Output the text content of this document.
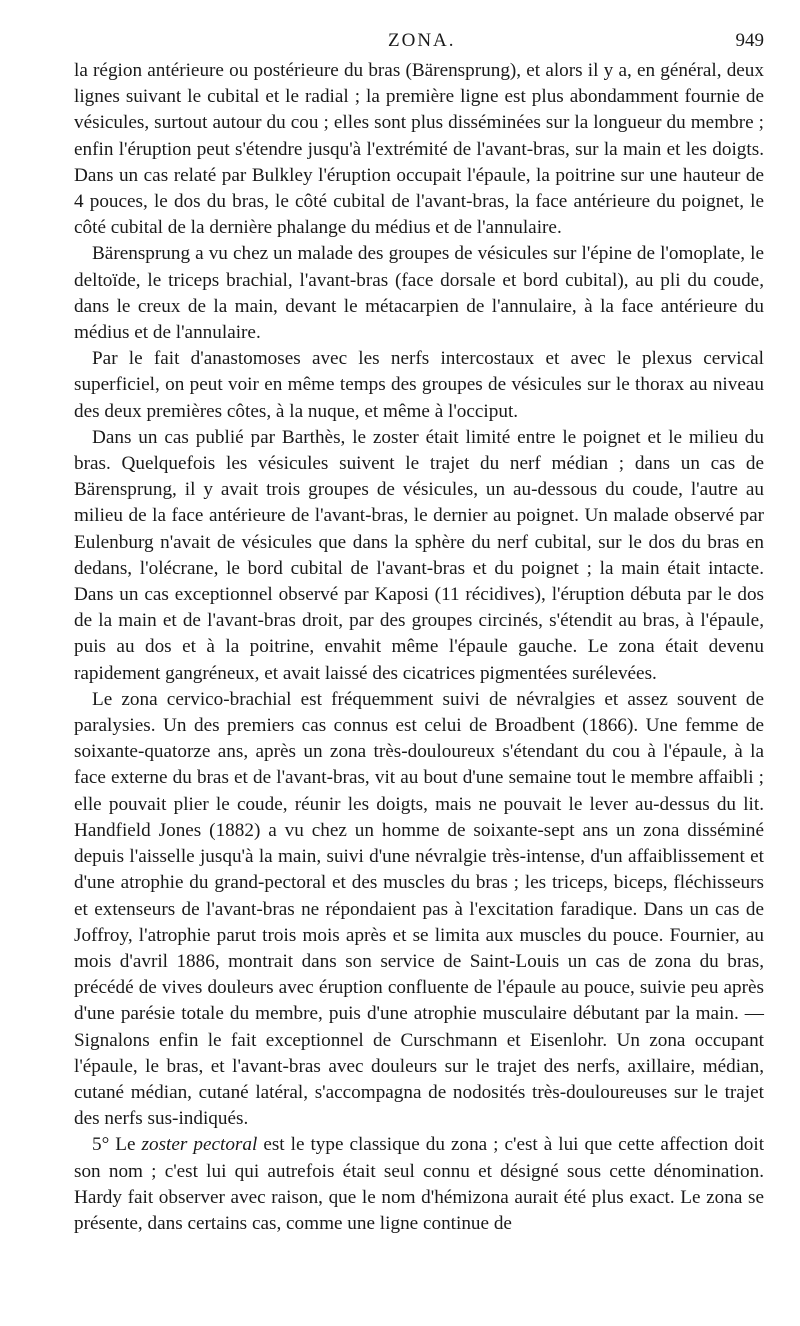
ZONA.	949

la région antérieure ou postérieure du bras (Bärensprung), et alors il y a, en général, deux lignes suivant le cubital et le radial ; la première ligne est plus abondamment fournie de vésicules, surtout autour du cou ; elles sont plus disséminées sur la longueur du membre ; enfin l'éruption peut s'étendre jusqu'à l'extrémité de l'avant-bras, sur la main et les doigts. Dans un cas relaté par Bulkley l'éruption occupait l'épaule, la poitrine sur une hauteur de 4 pouces, le dos du bras, le côté cubital de l'avant-bras, la face antérieure du poignet, le côté cubital de la dernière phalange du médius et de l'annulaire.

Bärensprung a vu chez un malade des groupes de vésicules sur l'épine de l'omoplate, le deltoïde, le triceps brachial, l'avant-bras (face dorsale et bord cubital), au pli du coude, dans le creux de la main, devant le métacarpien de l'annulaire, à la face antérieure du médius et de l'annulaire.

Par le fait d'anastomoses avec les nerfs intercostaux et avec le plexus cervical superficiel, on peut voir en même temps des groupes de vésicules sur le thorax au niveau des deux premières côtes, à la nuque, et même à l'occiput.

Dans un cas publié par Barthès, le zoster était limité entre le poignet et le milieu du bras. Quelquefois les vésicules suivent le trajet du nerf médian ; dans un cas de Bärensprung, il y avait trois groupes de vésicules, un au-dessous du coude, l'autre au milieu de la face antérieure de l'avant-bras, le dernier au poignet. Un malade observé par Eulenburg n'avait de vésicules que dans la sphère du nerf cubital, sur le dos du bras en dedans, l'olécrane, le bord cubital de l'avant-bras et du poignet ; la main était intacte. Dans un cas exceptionnel observé par Kaposi (11 récidives), l'éruption débuta par le dos de la main et de l'avant-bras droit, par des groupes circinés, s'étendit au bras, à l'épaule, puis au dos et à la poitrine, envahit même l'épaule gauche. Le zona était devenu rapidement gangréneux, et avait laissé des cicatrices pigmentées surélevées.

Le zona cervico-brachial est fréquemment suivi de névralgies et assez souvent de paralysies. Un des premiers cas connus est celui de Broadbent (1866). Une femme de soixante-quatorze ans, après un zona très-douloureux s'étendant du cou à l'épaule, à la face externe du bras et de l'avant-bras, vit au bout d'une semaine tout le membre affaibli ; elle pouvait plier le coude, réunir les doigts, mais ne pouvait le lever au-dessus du lit. Handfield Jones (1882) a vu chez un homme de soixante-sept ans un zona disséminé depuis l'aisselle jusqu'à la main, suivi d'une névralgie très-intense, d'un affaiblissement et d'une atrophie du grand-pectoral et des muscles du bras ; les triceps, biceps, fléchisseurs et extenseurs de l'avant-bras ne répondaient pas à l'excitation faradique. Dans un cas de Joffroy, l'atrophie parut trois mois après et se limita aux muscles du pouce. Fournier, au mois d'avril 1886, montrait dans son service de Saint-Louis un cas de zona du bras, précédé de vives douleurs avec éruption confluente de l'épaule au pouce, suivie peu après d'une parésie totale du membre, puis d'une atrophie musculaire débutant par la main. — Signalons enfin le fait exceptionnel de Curschmann et Eisenlohr. Un zona occupant l'épaule, le bras, et l'avant-bras avec douleurs sur le trajet des nerfs, axillaire, médian, cutané médian, cutané latéral, s'accompagna de nodosités très-douloureuses sur le trajet des nerfs sus-indiqués.

5° Le zoster pectoral est le type classique du zona ; c'est à lui que cette affection doit son nom ; c'est lui qui autrefois était seul connu et désigné sous cette dénomination. Hardy fait observer avec raison, que le nom d'hémizona aurait été plus exact. Le zona se présente, dans certains cas, comme une ligne continue de
